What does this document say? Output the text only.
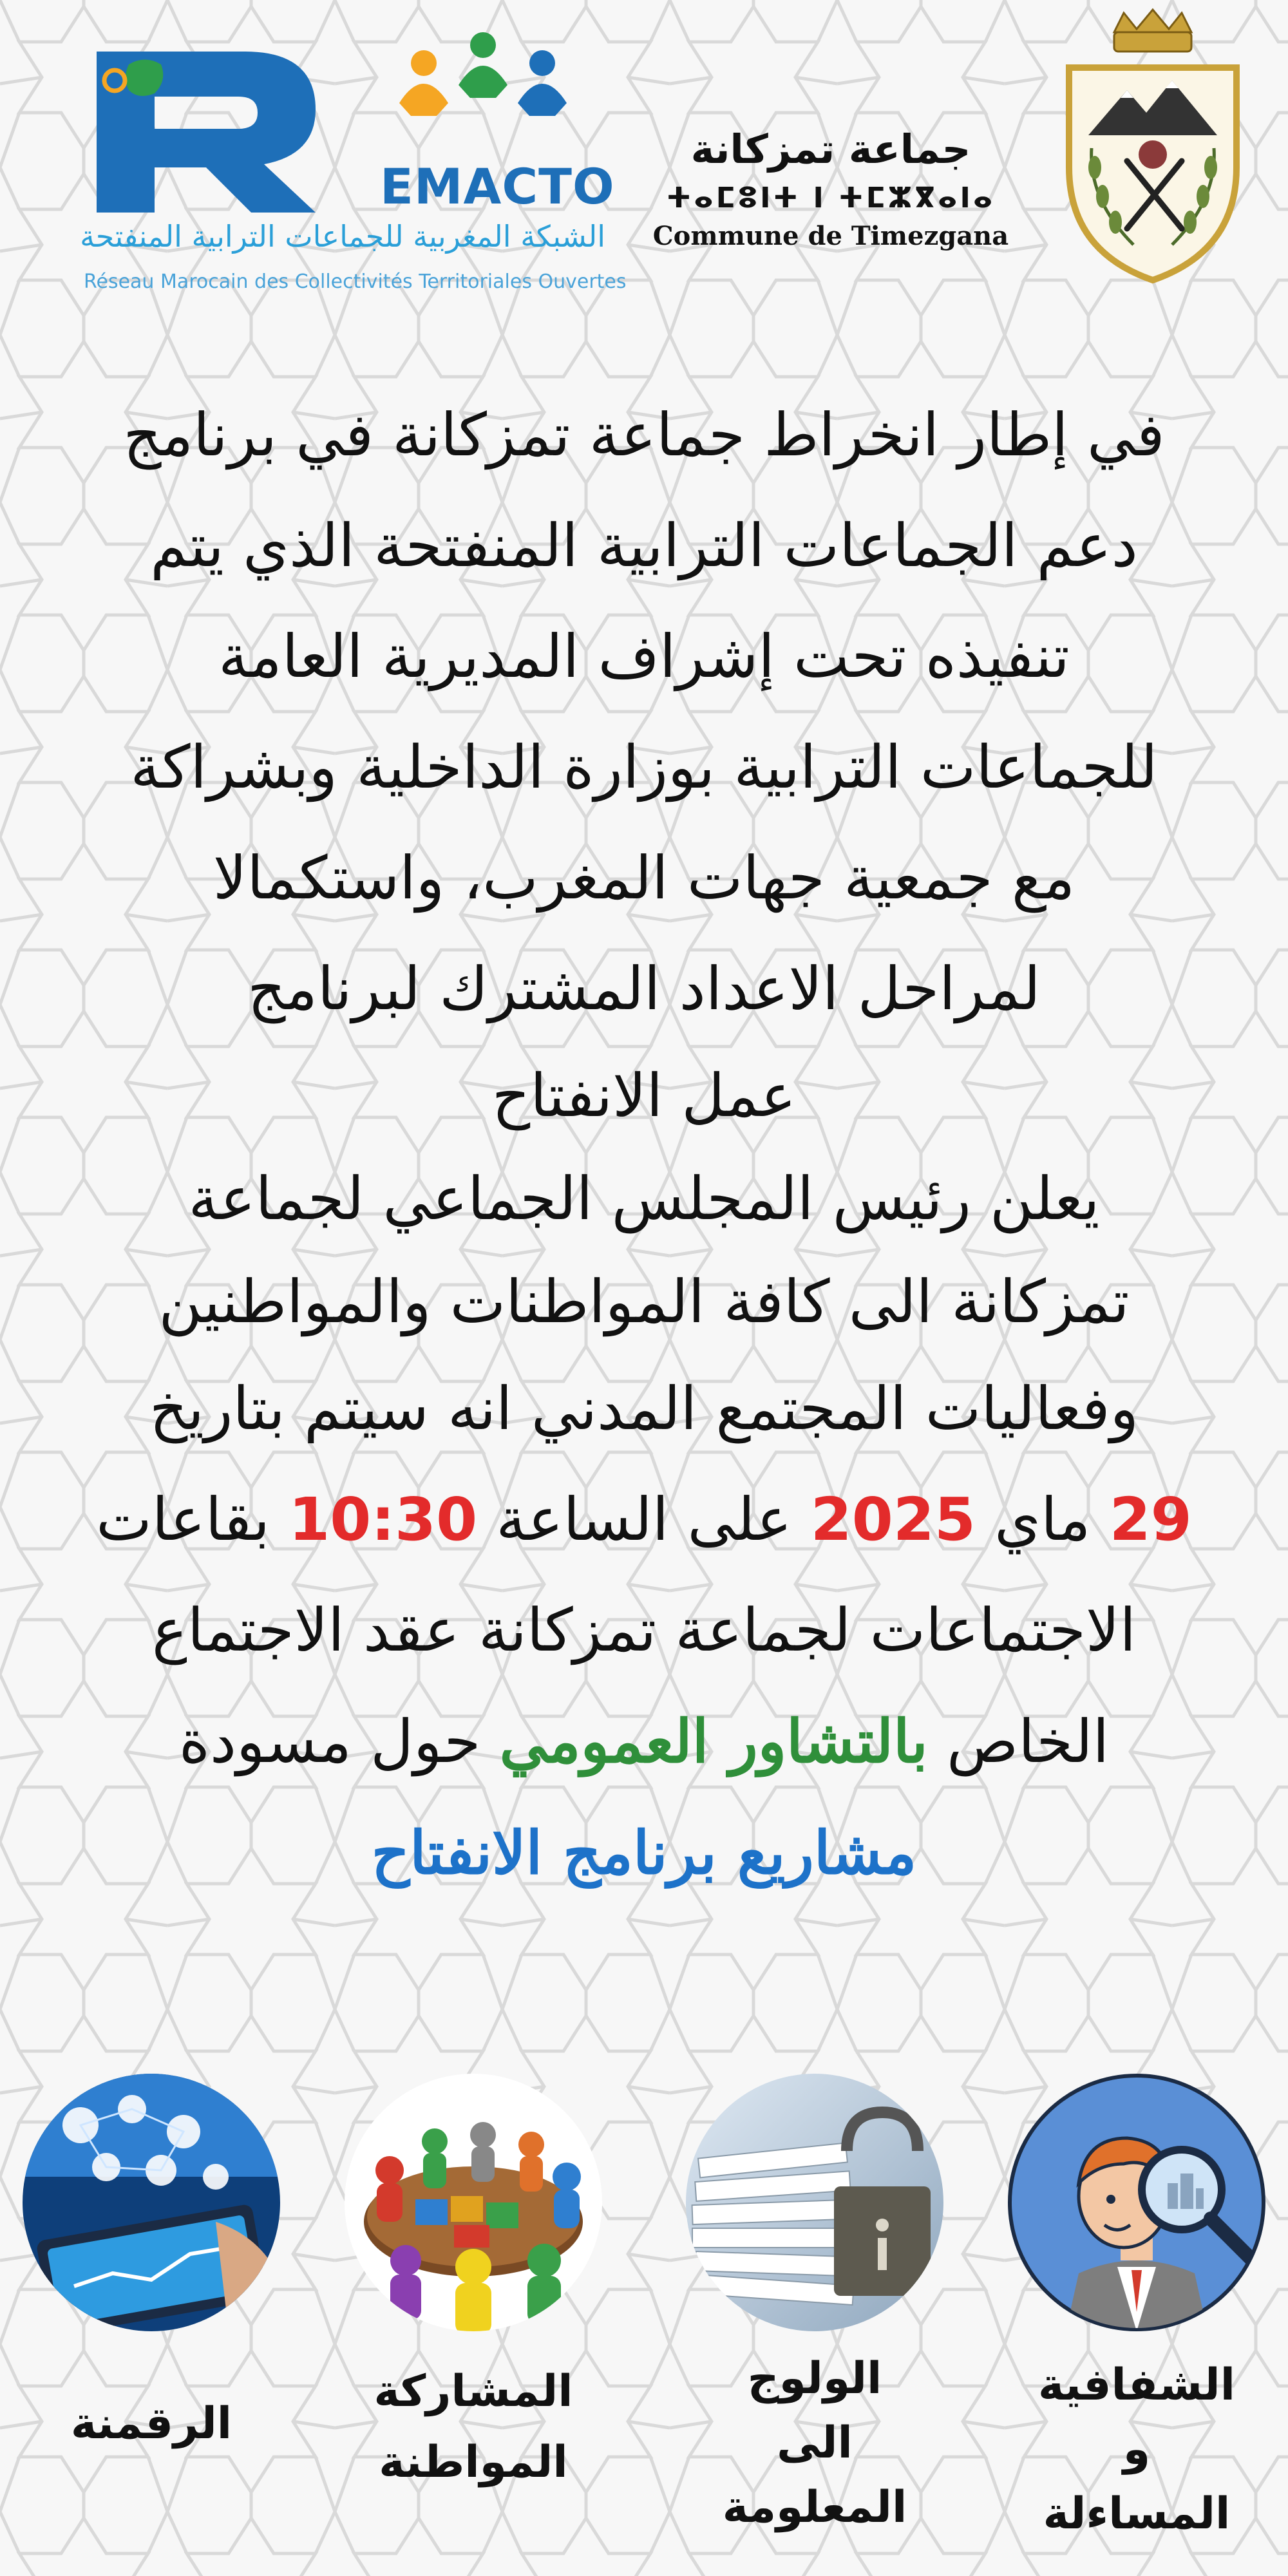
EMACTO
الشبكة المغربية للجماعات الترابية المنفتحة
Réseau Marocain des Collectivités Territoriales Ouvertes
جماعة تمزكانة
ⵜⴰⵎⵓⵏⵜ ⵏ ⵜⵎⵣⴳⴰⵏⴰ
Commune de Timezgana
في إطار انخراط جماعة تمزكانة في برنامج
دعم الجماعات الترابية المنفتحة الذي يتم
تنفيذه تحت إشراف المديرية العامة
للجماعات الترابية بوزارة الداخلية وبشراكة
مع جمعية جهات المغرب، واستكمالا
لمراحل الاعداد المشترك لبرنامج
عمل الانفتاح
يعلن رئيس المجلس الجماعي لجماعة
تمزكانة الى كافة المواطنات والمواطنين
وفعاليات المجتمع المدني انه سيتم بتاريخ
29 ماي 2025 على الساعة 10:30 بقاعات
الاجتماعات لجماعة تمزكانة عقد الاجتماع
الخاص بالتشاور العمومي حول مسودة
مشاريع برنامج الانفتاح
الرقمنة
المشاركة
المواطنة
الولوج
الى
المعلومة
الشفافية
و
المساءلة
